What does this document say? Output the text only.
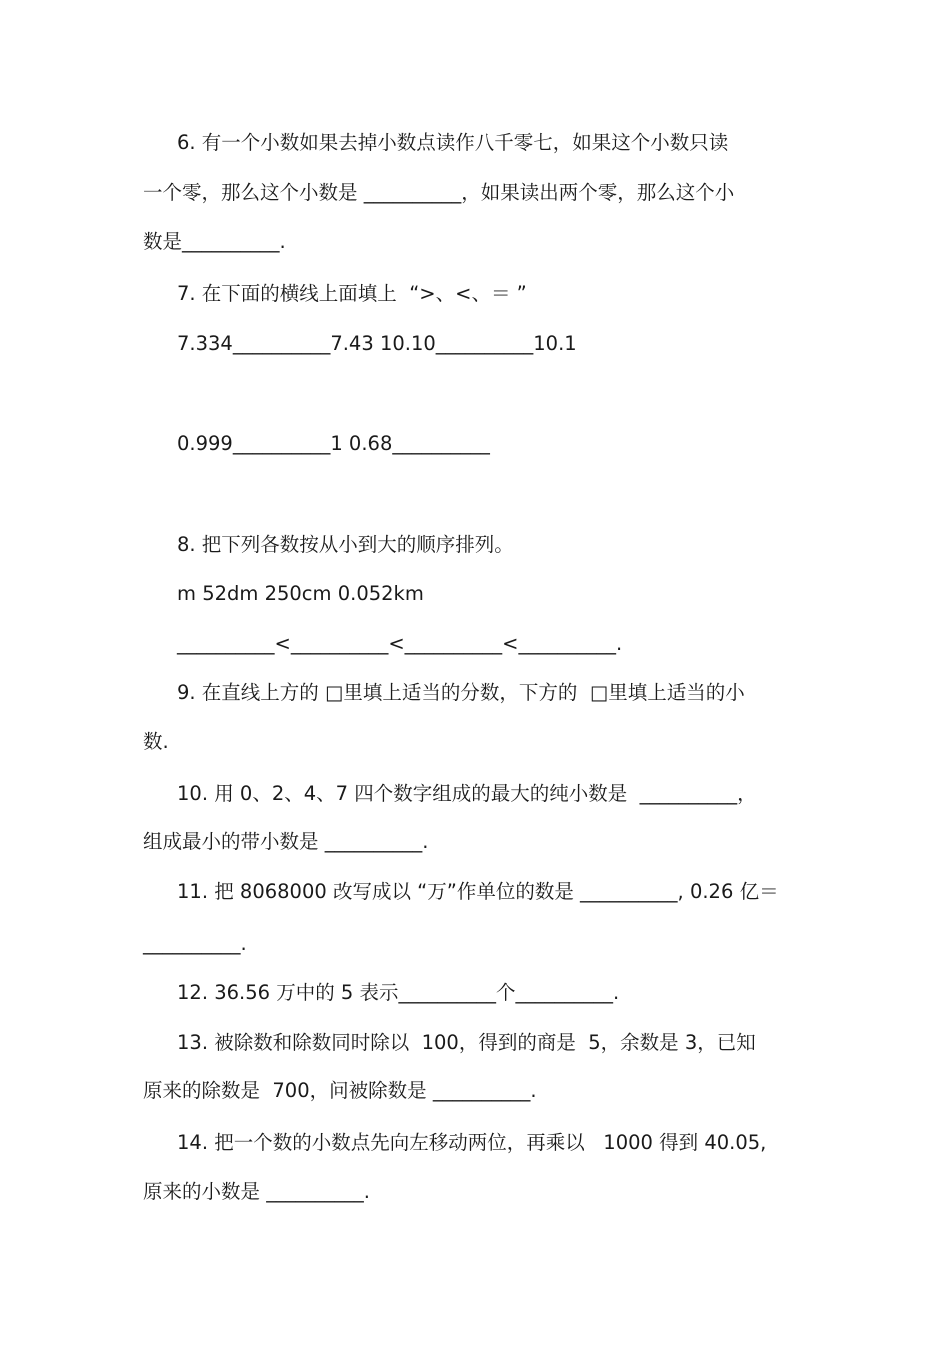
6. 有一个小数如果去掉小数点读作八千零七，如果这个小数只读
一个零，那么这个小数是 __________，如果读出两个零，那么这个小
数是__________.
7. 在下面的横线上面填上  “>、<、＝ ”
7.334__________7.43 10.10__________10.1
0.999__________1 0.68__________
8. 把下列各数按从小到大的顺序排列。
m 52dm 250cm 0.052km
__________<__________<__________<__________.
9. 在直线上方的 □里填上适当的分数，下方的  □里填上适当的小
数.
10. 用 0、2、4、7 四个数字组成的最大的纯小数是  __________，
组成最小的带小数是 __________.
11. 把 8068000 改写成以 “万”作单位的数是 __________, 0.26 亿＝
__________.
12. 36.56 万中的 5 表示__________个__________.
13. 被除数和除数同时除以  100，得到的商是  5，余数是 3，已知
原来的除数是  700，问被除数是 __________.
14. 把一个数的小数点先向左移动两位，再乘以   1000 得到 40.05,
原来的小数是 __________.
